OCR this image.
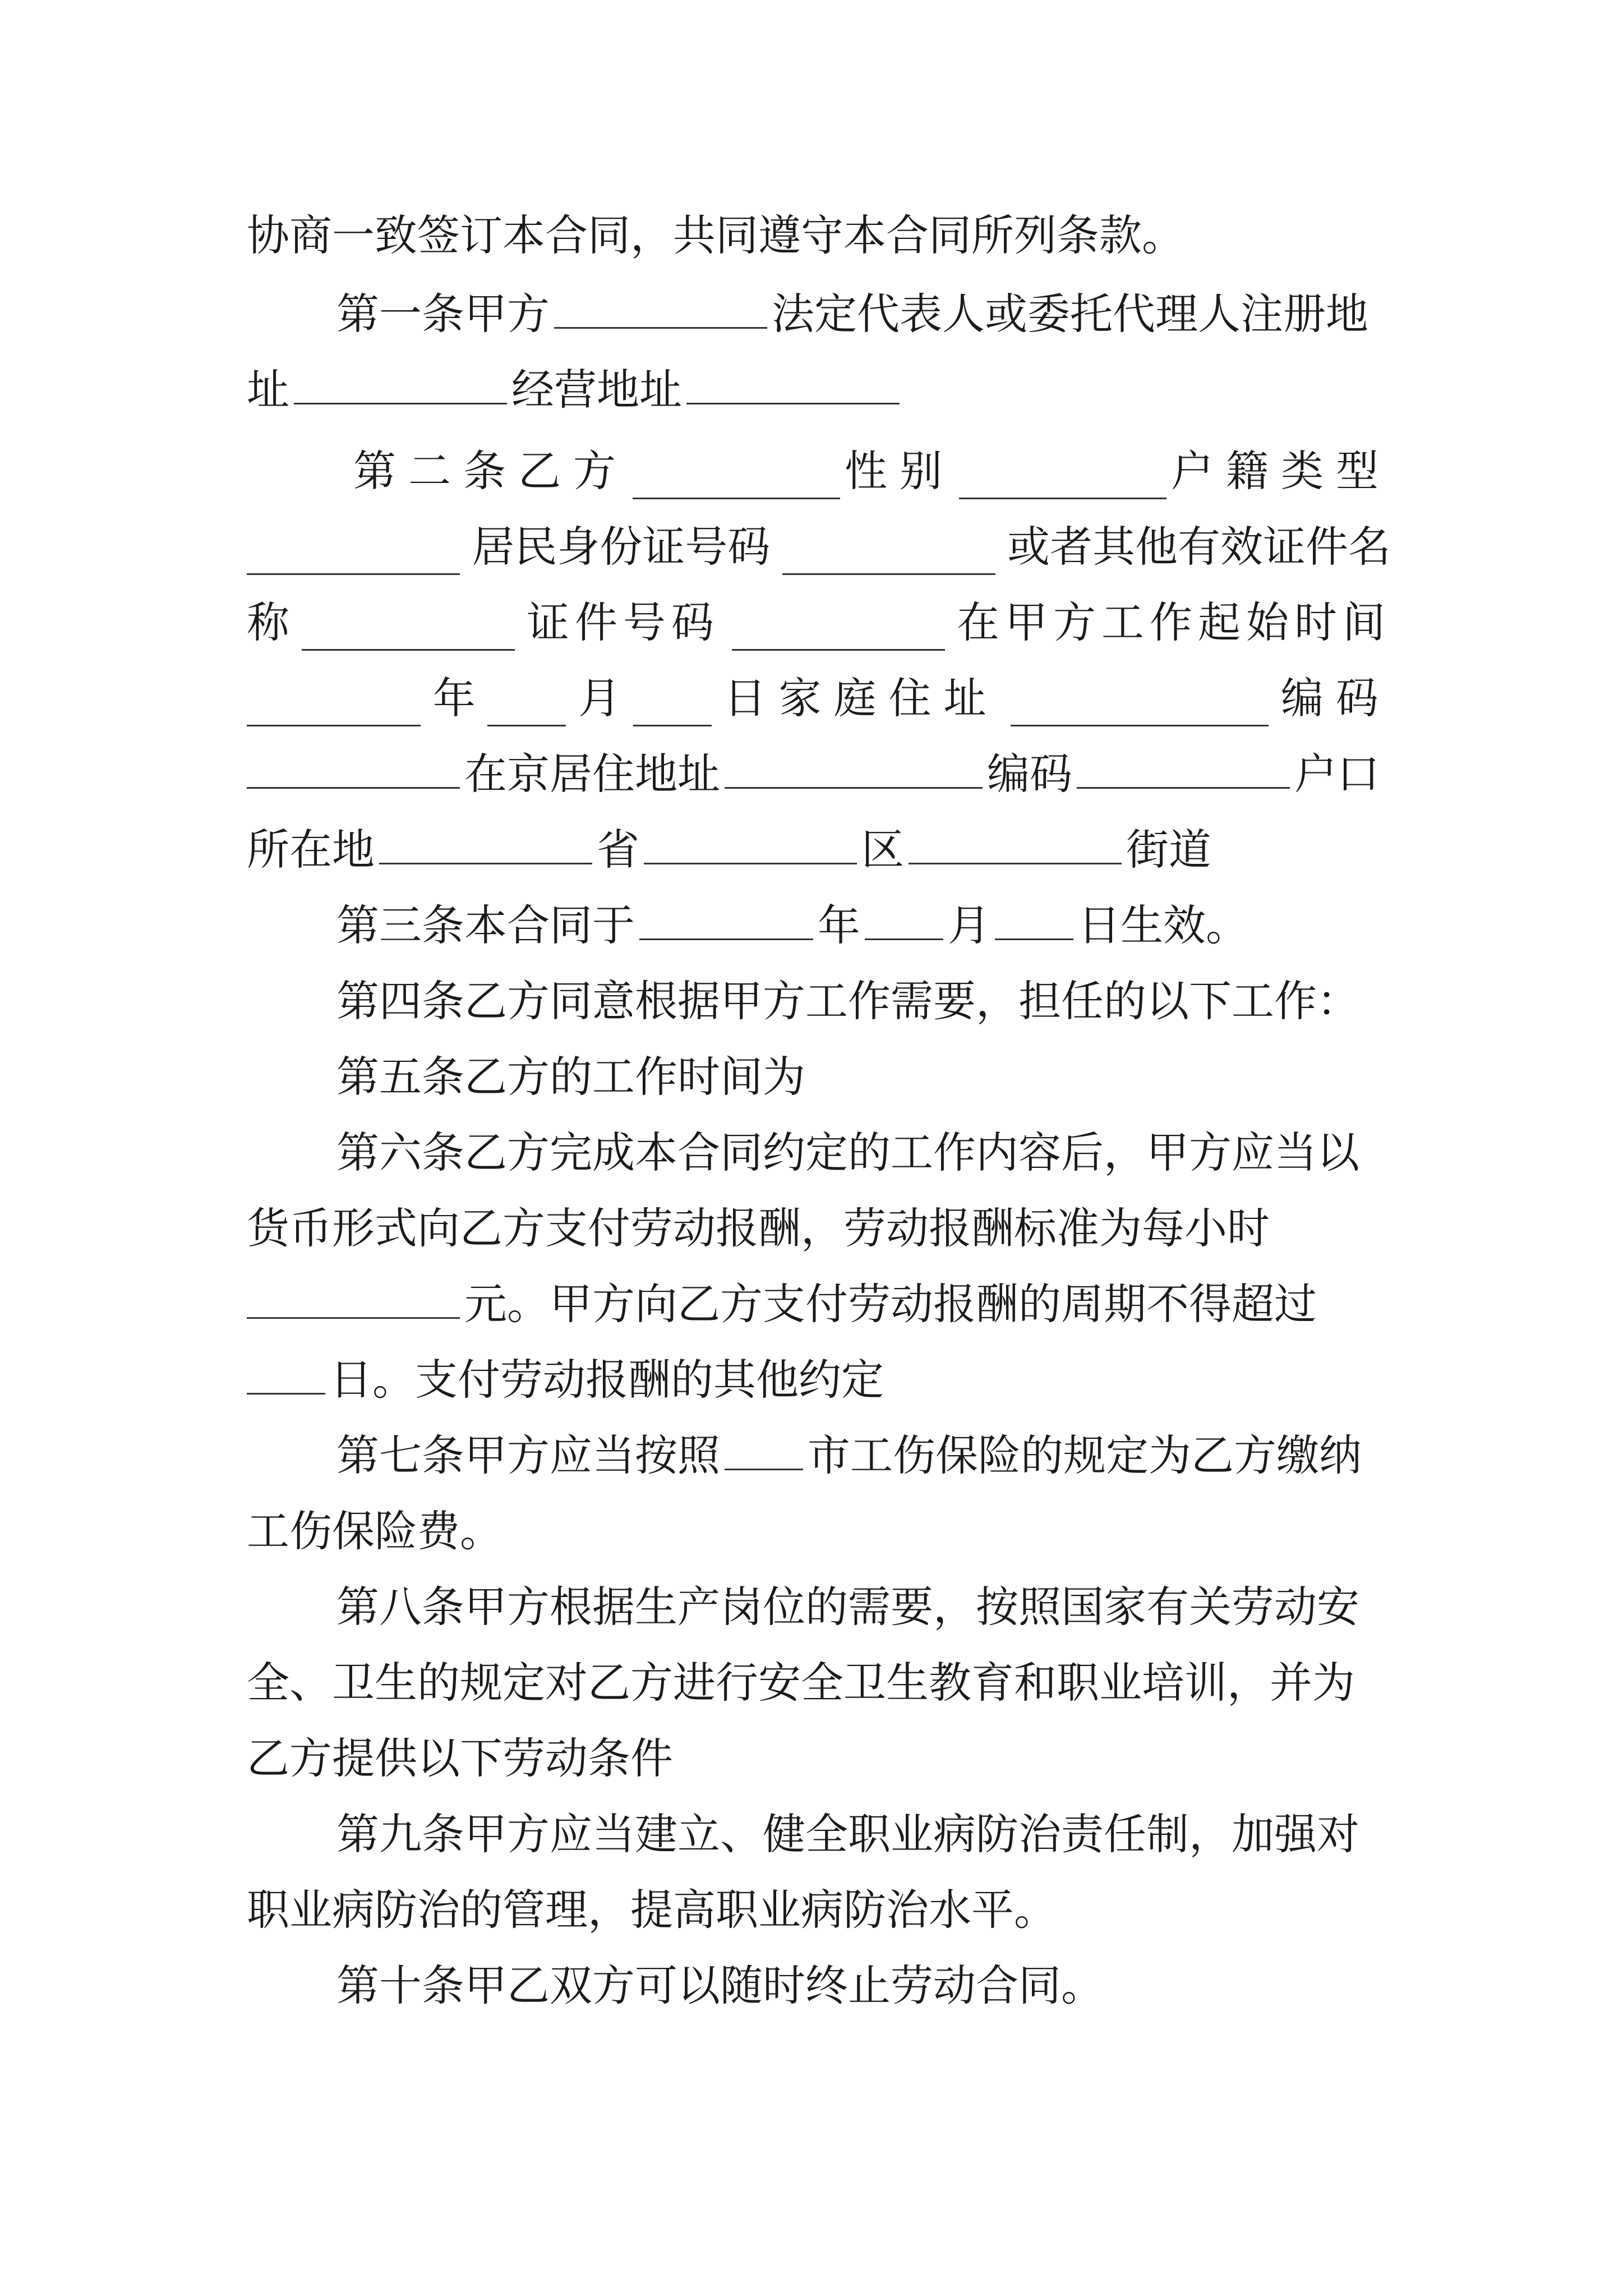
协商一致签订本合同，共同遵守本合同所列条款。
第一条甲方	法定代表人或委托代理人注册地
址	经营地址
第二条乙方	性别	户籍类型
居民身份证号码	或者其他有效证件名
称	证件号码	在甲方工作起始时间
年 月 日家庭住址	编码
在京居住地址	编码	户口
所在地	省	区	街道
第三条本合同于	年 月 日生效。
第四条乙方同意根据甲方工作需要，担任的以下工作：
第五条乙方的工作时间为
第六条乙方完成本合同约定的工作内容后，甲方应当以
货币形式向乙方支付劳动报酬，劳动报酬标准为每小时
元。甲方向乙方支付劳动报酬的周期不得超过
日。支付劳动报酬的其他约定
第七条甲方应当按照 市工伤保险的规定为乙方缴纳
工伤保险费。
第八条甲方根据生产岗位的需要，按照国家有关劳动安
全、卫生的规定对乙方进行安全卫生教育和职业培训，并为
乙方提供以下劳动条件
第九条甲方应当建立、健全职业病防治责任制，加强对
职业病防治的管理，提高职业病防治水平。
第十条甲乙双方可以随时终止劳动合同。
